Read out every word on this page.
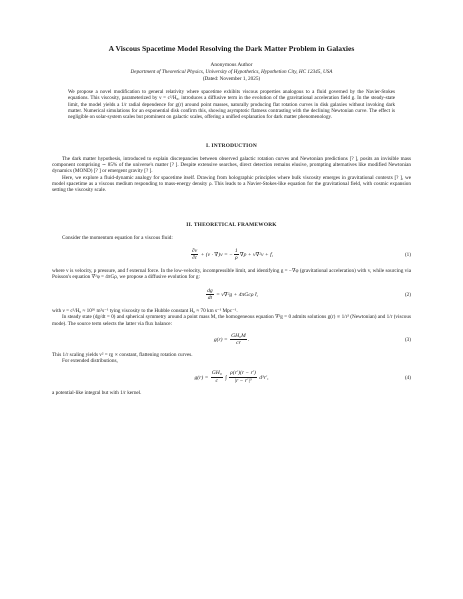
A Viscous Spacetime Model Resolving the Dark Matter Problem in Galaxies
Anonymous Author
Department of Theoretical Physics, University of Hypothetics, Hypothetion City, HC 12345, USA
(Dated: November 1, 2025)

We propose a novel modification to general relativity where spacetime exhibits viscous properties analogous to a fluid governed by the Navier-Stokes equations. This viscosity, parameterized by ν = c²/H₀, introduces a diffusive term in the evolution of the gravitational acceleration field g. In the steady-state limit, the model yields a 1/r radial dependence for g(r) around point masses, naturally producing flat rotation curves in disk galaxies without invoking dark matter. Numerical simulations for an exponential disk confirm this, showing asymptotic flatness contrasting with the declining Newtonian curve. The effect is negligible on solar-system scales but prominent on galactic scales, offering a unified explanation for dark matter phenomenology.

I. INTRODUCTION

The dark matter hypothesis, introduced to explain discrepancies between observed galactic rotation curves and Newtonian predictions [? ], posits an invisible mass component comprising ∼ 85% of the universe's matter [? ]. Despite extensive searches, direct detection remains elusive, prompting alternatives like modified Newtonian dynamics (MOND) [? ] or emergent gravity [? ].

Here, we explore a fluid-dynamic analogy for spacetime itself. Drawing from holographic principles where bulk viscosity emerges in gravitational contexts [? ], we model spacetime as a viscous medium responding to mass-energy density ρ. This leads to a Navier-Stokes-like equation for the gravitational field, with cosmic expansion setting the viscosity scale.

II. THEORETICAL FRAMEWORK

Consider the momentum equation for a viscous fluid:

$\frac{\partial v}{\partial t} + (v \cdot \nabla)v$ = − $\frac{1}{\rho} \nabla p + \nu\nabla^2v + f$,	(1)

where v is velocity, p pressure, and f external force. In the low-velocity, incompressible limit, and identifying g = −∇φ (gravitational acceleration) with v, while sourcing via Poisson's equation ∇²φ = 4πGρ, we propose a diffusive evolution for g:

$\frac{dg}{dt} = \nu\nabla^2g + 4\pi Gc\rho$ r̂,	(2)

with ν = c²/H₀ ≈ 10²⁶ m²s⁻¹ tying viscosity to the Hubble constant H₀ ≈ 70 km s⁻¹ Mpc⁻¹.

In steady state (dg/dt = 0) and spherical symmetry around a point mass M, the homogeneous equation ∇²g = 0 admits solutions g(r) ∝ 1/r² (Newtonian) and 1/r (viscous mode). The source term selects the latter via flux balance:

$g(r) = \frac{\text{GH₀M}}{cr}$ .	(3)

This 1/r scaling yields v² = rg ∝ constant, flattening rotation curves.

For extended distributions,

$g(r) = \frac{\text{GH₀}}{c}$ ∫ $\frac{\rho(r')(r - r')}{\text{|r − r′|³}} d^3r'$,	(4)

a potential-like integral but with 1/r kernel.
